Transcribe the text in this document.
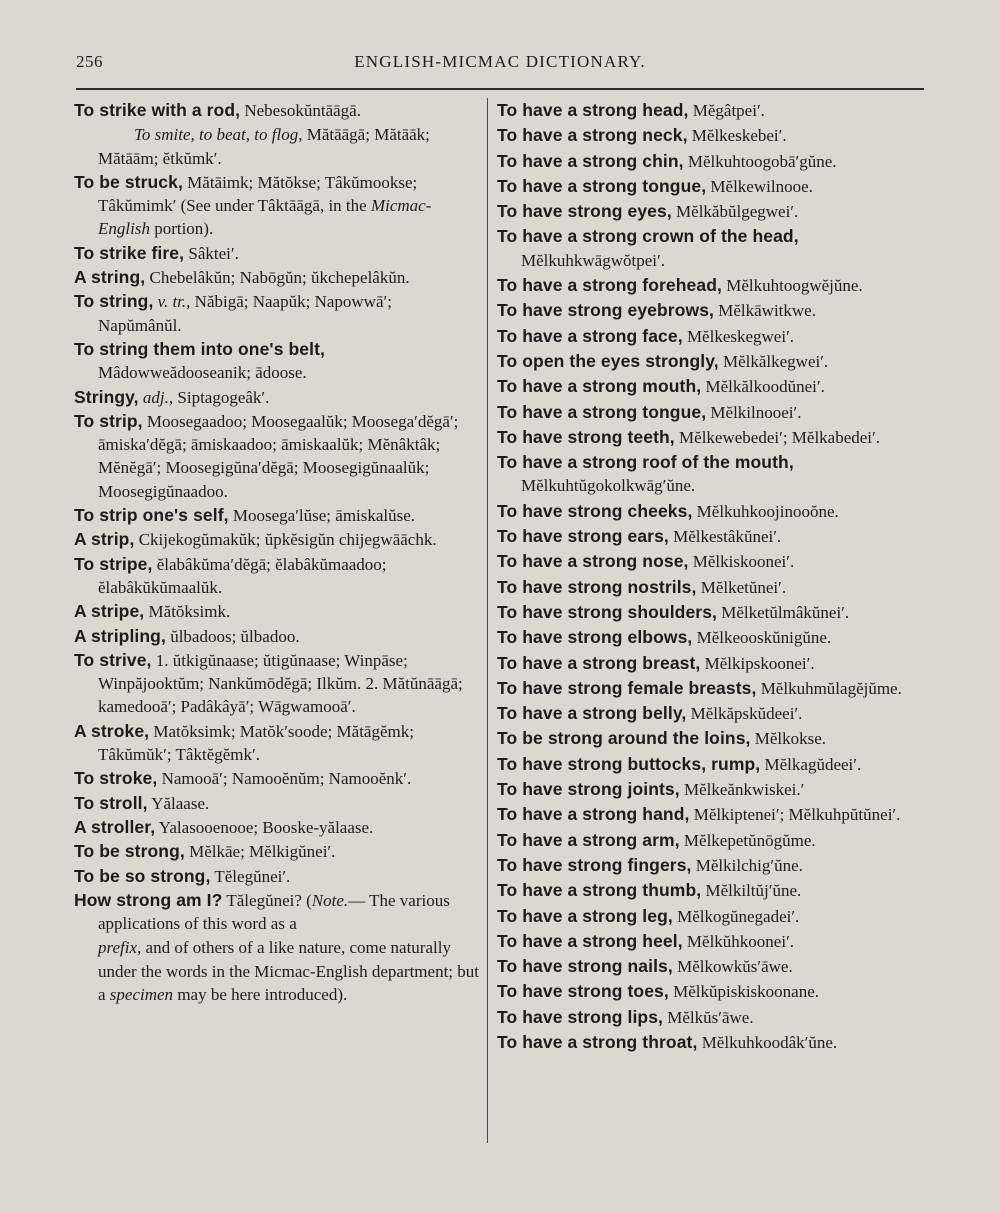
256	ENGLISH-MICMAC DICTIONARY.
To strike with a rod, Nebesokŭntāāgā.
To smite, to beat, to flog, Mătāāgā; Mătāāk; Mătāām; ĕtkŭmk′.
To be struck, Mătāimk; Mătŏkse; Tâkŭmookse; Tâkŭmimk′ (See under Tâktāāgā, in the Micmac-English portion).
To strike fire, Sâktei′.
A string, Chebelâkŭn; Nabōgŭn; ŭkchepelâkŭn.
To string, v. tr., Năbigā; Naapŭk; Napowwā′; Napŭmânŭl.
To string them into one's belt, Mâdowweădooseanik; ādoose.
Stringy, adj., Siptagogeâk′.
To strip, Moosegaadoo; Moosegaalŭk; Moosega′dĕgā′; āmiska′dĕgā; āmiskaadoo; āmiskaalŭk; Mĕnâktâk; Mĕnĕgā′; Moosegigŭna′dĕgā; Moosegigŭnaalŭk; Moosegigŭnaadoo.
To strip one's self, Moosega′lŭse; āmiskalŭse.
A strip, Ckijekogŭmakŭk; ŭpkĕsigŭn chijegwāāchk.
To stripe, ĕlabâkŭma′dĕgā; ĕlabâkŭmaadoo; ĕlabâkŭkŭmaalŭk.
A stripe, Mătŏksimk.
A stripling, ŭlbadoos; ŭlbadoo.
To strive, 1. ŭtkigŭnaase; ŭtigŭnaase; Winpāse; Winpăjooktŭm; Nankŭmōdĕgā; Ilkŭm. 2. Mătŭnāāgā; kamedooā′; Padâkâyā′; Wāgwamooā′.
A stroke, Matŏksimk; Matŏk′soode; Mătāgĕmk; Tâkŭmŭk′; Tâktĕgĕmk′.
To stroke, Namooā′; Namooĕnŭm; Namooĕnk′.
To stroll, Yălaase.
A stroller, Yalasooenooe; Booske-yălaase.
To be strong, Mĕlkāe; Mĕlkigŭnei′.
To be so strong, Tĕlegŭnei′.
How strong am I? Tălegŭnei? (Note.— The various applications of this word as a
prefix, and of others of a like nature, come naturally under the words in the Micmac-English department; but a specimen may be here introduced).
To have a strong head, Mĕgâtpei′.
To have a strong neck, Mĕlkeskebei′.
To have a strong chin, Mĕlkuhtoogobā′gŭne.
To have a strong tongue, Mĕlkewilnooe.
To have strong eyes, Mĕlkăbŭlgegwei′.
To have a strong crown of the head, Mĕlkuhkwāgwŏtpei′.
To have a strong forehead, Mĕlkuhtoogwĕjŭne.
To have strong eyebrows, Mĕlkāwitkwe.
To have a strong face, Mĕlkeskegwei′.
To open the eyes strongly, Mĕlkălkegwei′.
To have a strong mouth, Mĕlkălkoodŭnei′.
To have a strong tongue, Mĕlkilnooei′.
To have strong teeth, Mĕlkewebedei′; Mĕlkabedei′.
To have a strong roof of the mouth, Mĕlkuhtŭgokolkwāg′ŭne.
To have strong cheeks, Mĕlkuhkoojinooŏne.
To have strong ears, Mĕlkestâkŭnei′.
To have a strong nose, Mĕlkiskoonei′.
To have strong nostrils, Mĕlketŭnei′.
To have strong shoulders, Mĕlketŭlmâkŭnei′.
To have strong elbows, Mĕlkeooskŭnigŭne.
To have a strong breast, Mĕlkipskoonei′.
To have strong female breasts, Mĕlkuhmŭlagĕjŭme.
To have a strong belly, Mĕlkăpskŭdeei′.
To be strong around the loins, Mĕlkokse.
To have strong buttocks, rump, Mĕlkagŭdeei′.
To have strong joints, Mĕlkeănkwiskei.′
To have a strong hand, Mĕlkiptenei′; Mĕlkuhpŭtŭnei′.
To have a strong arm, Mĕlkepetŭnōgŭme.
To have strong fingers, Mĕlkilchig′ŭne.
To have a strong thumb, Mĕlkiltŭj′ŭne.
To have a strong leg, Mĕlkogŭnegadei′.
To have a strong heel, Mĕlkŭhkoonei′.
To have strong nails, Mĕlkowkŭs′āwe.
To have strong toes, Mĕlkŭpiskiskoonane.
To have strong lips, Mĕlkŭs′āwe.
To have a strong throat, Mĕlkuhkoodâk′ŭne.
